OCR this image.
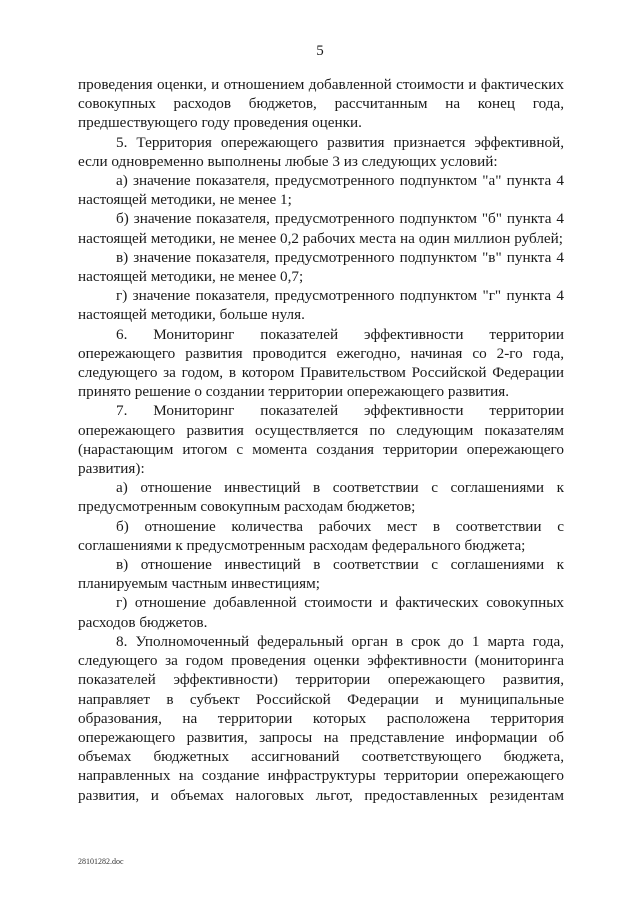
5

проведения оценки, и отношением добавленной стоимости и фактических совокупных расходов бюджетов, рассчитанным на конец года, предшествующего году проведения оценки.

5. Территория опережающего развития признается эффективной, если одновременно выполнены любые 3 из следующих условий:

а) значение показателя, предусмотренного подпунктом "а" пункта 4 настоящей методики, не менее 1;

б) значение показателя, предусмотренного подпунктом "б" пункта 4 настоящей методики, не менее 0,2 рабочих места на один миллион рублей;

в) значение показателя, предусмотренного подпунктом "в" пункта 4 настоящей методики, не менее 0,7;

г) значение показателя, предусмотренного подпунктом "г" пункта 4 настоящей методики, больше нуля.

6. Мониторинг показателей эффективности территории опережающего развития проводится ежегодно, начиная со 2-го года, следующего за годом, в котором Правительством Российской Федерации принято решение о создании территории опережающего развития.

7. Мониторинг показателей эффективности территории опережающего развития осуществляется по следующим показателям (нарастающим итогом с момента создания территории опережающего развития):

а) отношение инвестиций в соответствии с соглашениями к предусмотренным совокупным расходам бюджетов;

б) отношение количества рабочих мест в соответствии с соглашениями к предусмотренным расходам федерального бюджета;

в) отношение инвестиций в соответствии с соглашениями к планируемым частным инвестициям;

г) отношение добавленной стоимости и фактических совокупных расходов бюджетов.

8. Уполномоченный федеральный орган в срок до 1 марта года, следующего за годом проведения оценки эффективности (мониторинга показателей эффективности) территории опережающего развития, направляет в субъект Российской Федерации и муниципальные образования, на территории которых расположена территория опережающего развития, запросы на представление информации об объемах бюджетных ассигнований соответствующего бюджета, направленных на создание инфраструктуры территории опережающего развития, и объемах налоговых льгот, предоставленных резидентам

28101282.doc
